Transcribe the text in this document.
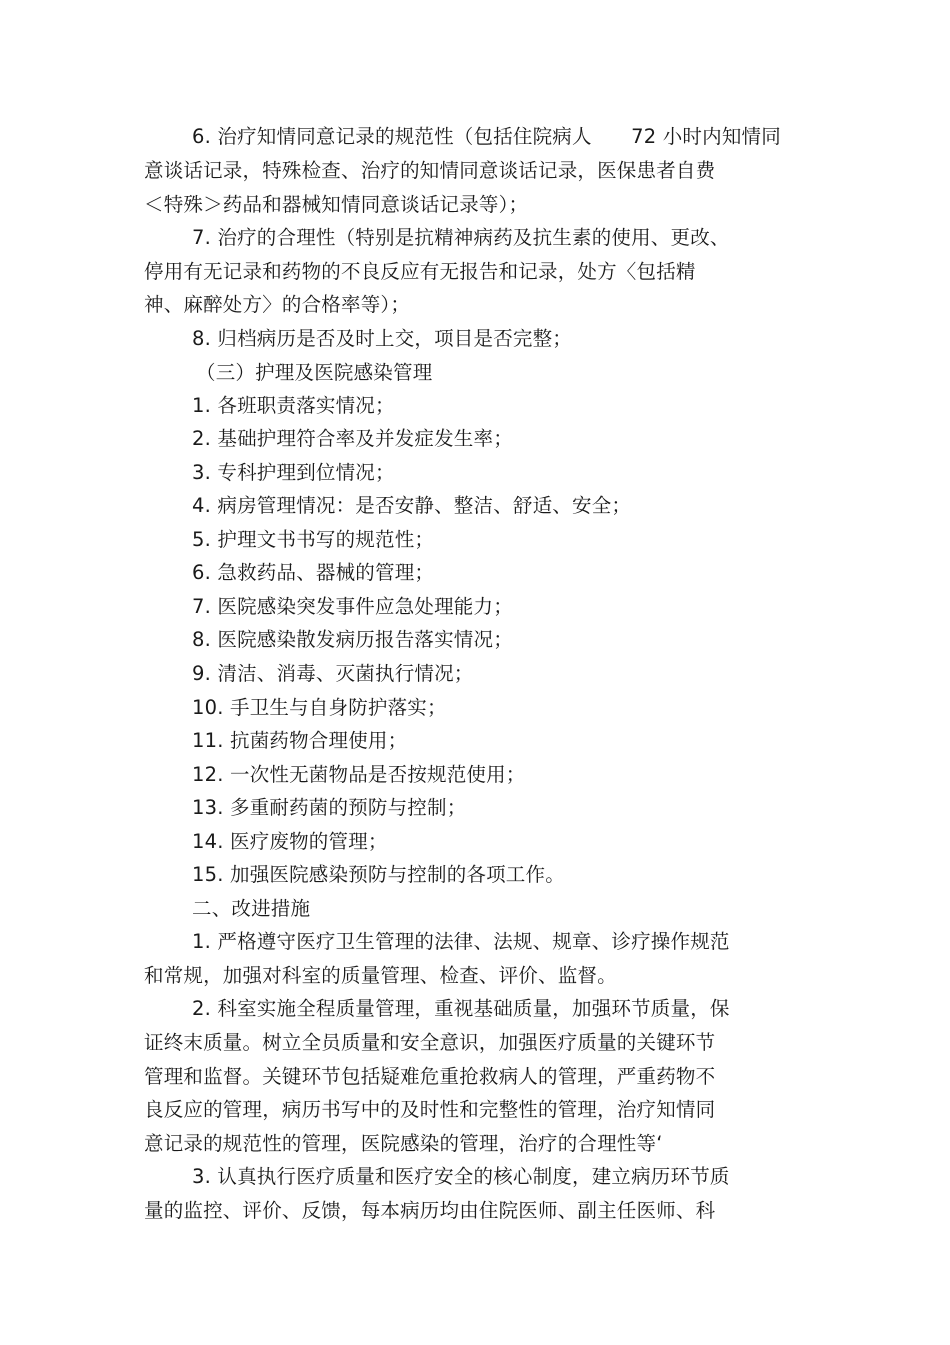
6. 治疗知情同意记录的规范性（包括住院病人　　72 小时内知情同
意谈话记录，特殊检查、治疗的知情同意谈话记录，医保患者自费
＜特殊＞药品和器械知情同意谈话记录等）；
7. 治疗的合理性（特别是抗精神病药及抗生素的使用、更改、
停用有无记录和药物的不良反应有无报告和记录，处方〈包括精
神、麻醉处方〉的合格率等）；
8. 归档病历是否及时上交，项目是否完整；
（三）护理及医院感染管理
1. 各班职责落实情况；
2. 基础护理符合率及并发症发生率；
3. 专科护理到位情况；
4. 病房管理情况：是否安静、整洁、舒适、安全；
5. 护理文书书写的规范性；
6. 急救药品、器械的管理；
7. 医院感染突发事件应急处理能力；
8. 医院感染散发病历报告落实情况；
9. 清洁、消毒、灭菌执行情况；
10. 手卫生与自身防护落实；
11. 抗菌药物合理使用；
12. 一次性无菌物品是否按规范使用；
13. 多重耐药菌的预防与控制；
14. 医疗废物的管理；
15. 加强医院感染预防与控制的各项工作。
二、改进措施
1. 严格遵守医疗卫生管理的法律、法规、规章、诊疗操作规范
和常规，加强对科室的质量管理、检查、评价、监督。
2. 科室实施全程质量管理，重视基础质量，加强环节质量，保
证终末质量。树立全员质量和安全意识，加强医疗质量的关键环节
管理和监督。关键环节包括疑难危重抢救病人的管理，严重药物不
良反应的管理，病历书写中的及时性和完整性的管理，治疗知情同
意记录的规范性的管理，医院感染的管理，治疗的合理性等‘
3. 认真执行医疗质量和医疗安全的核心制度，建立病历环节质
量的监控、评价、反馈，每本病历均由住院医师、副主任医师、科
